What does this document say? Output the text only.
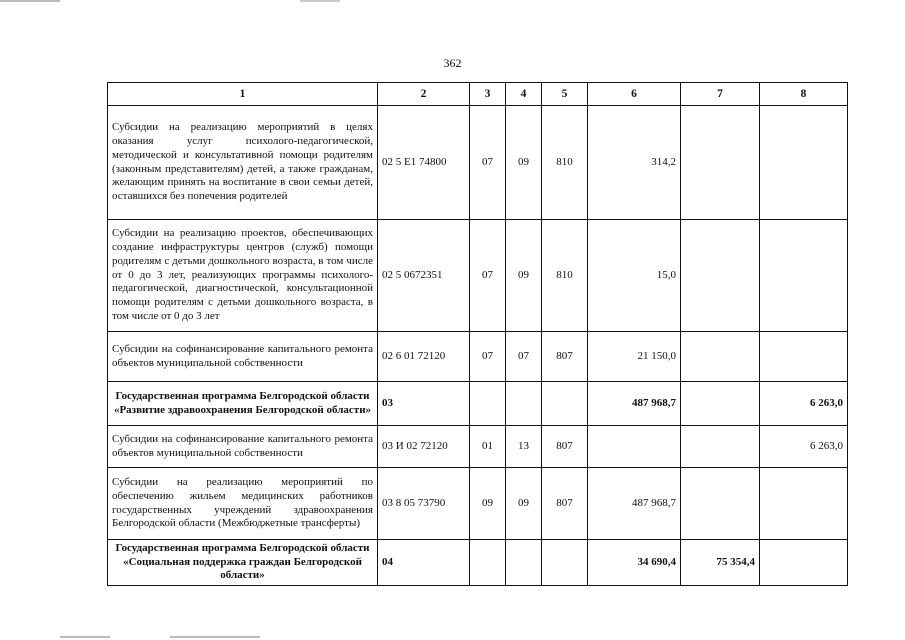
362
1	2	3	4	5	6	7	8
Субсидии на реализацию мероприятий в целях оказания услуг психолого-педагогической, методической и консультативной помощи родителям (законным представителям) детей, а также гражданам, желающим принять на воспитание в свои семьи детей, оставшихся без попечения родителей	02 5 E1 74800	07	09	810	314,2		
Субсидии на реализацию проектов, обеспечивающих создание инфраструктуры центров (служб) помощи родителям с детьми дошкольного возраста, в том числе от 0 до 3 лет, реализующих программы психолого-педагогической, диагностической, консультационной помощи родителям с детьми дошкольного возраста, в том числе от 0 до 3 лет	02 5 0672351	07	09	810	15,0		
Субсидии на софинансирование капитального ремонта объектов муниципальной собственности	02 6 01 72120	07	07	807	21 150,0		
Государственная программа Белгородской области «Развитие здравоохранения Белгородской области»	03				487 968,7		6 263,0
Субсидии на софинансирование капитального ремонта объектов муниципальной собственности	03 И 02 72120	01	13	807			6 263,0
Субсидии на реализацию мероприятий по обеспечению жильем медицинских работников государственных учреждений здравоохранения Белгородской области (Межбюджетные трансферты)	03 8 05 73790	09	09	807	487 968,7		
Государственная программа Белгородской области «Социальная поддержка граждан Белгородской области»	04				34 690,4	75 354,4	
